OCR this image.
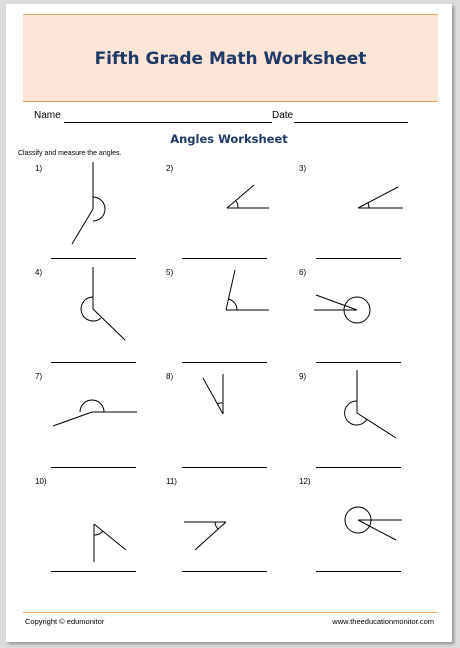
Fifth Grade Math Worksheet
Name	Date
Angles Worksheet
Classify and measure the angles.
1)	2)	3)
4)	5)	6)
7)	8)	9)
10)	11)	12)
Copyright © edumonitor	www.theeducationmonitor.com
